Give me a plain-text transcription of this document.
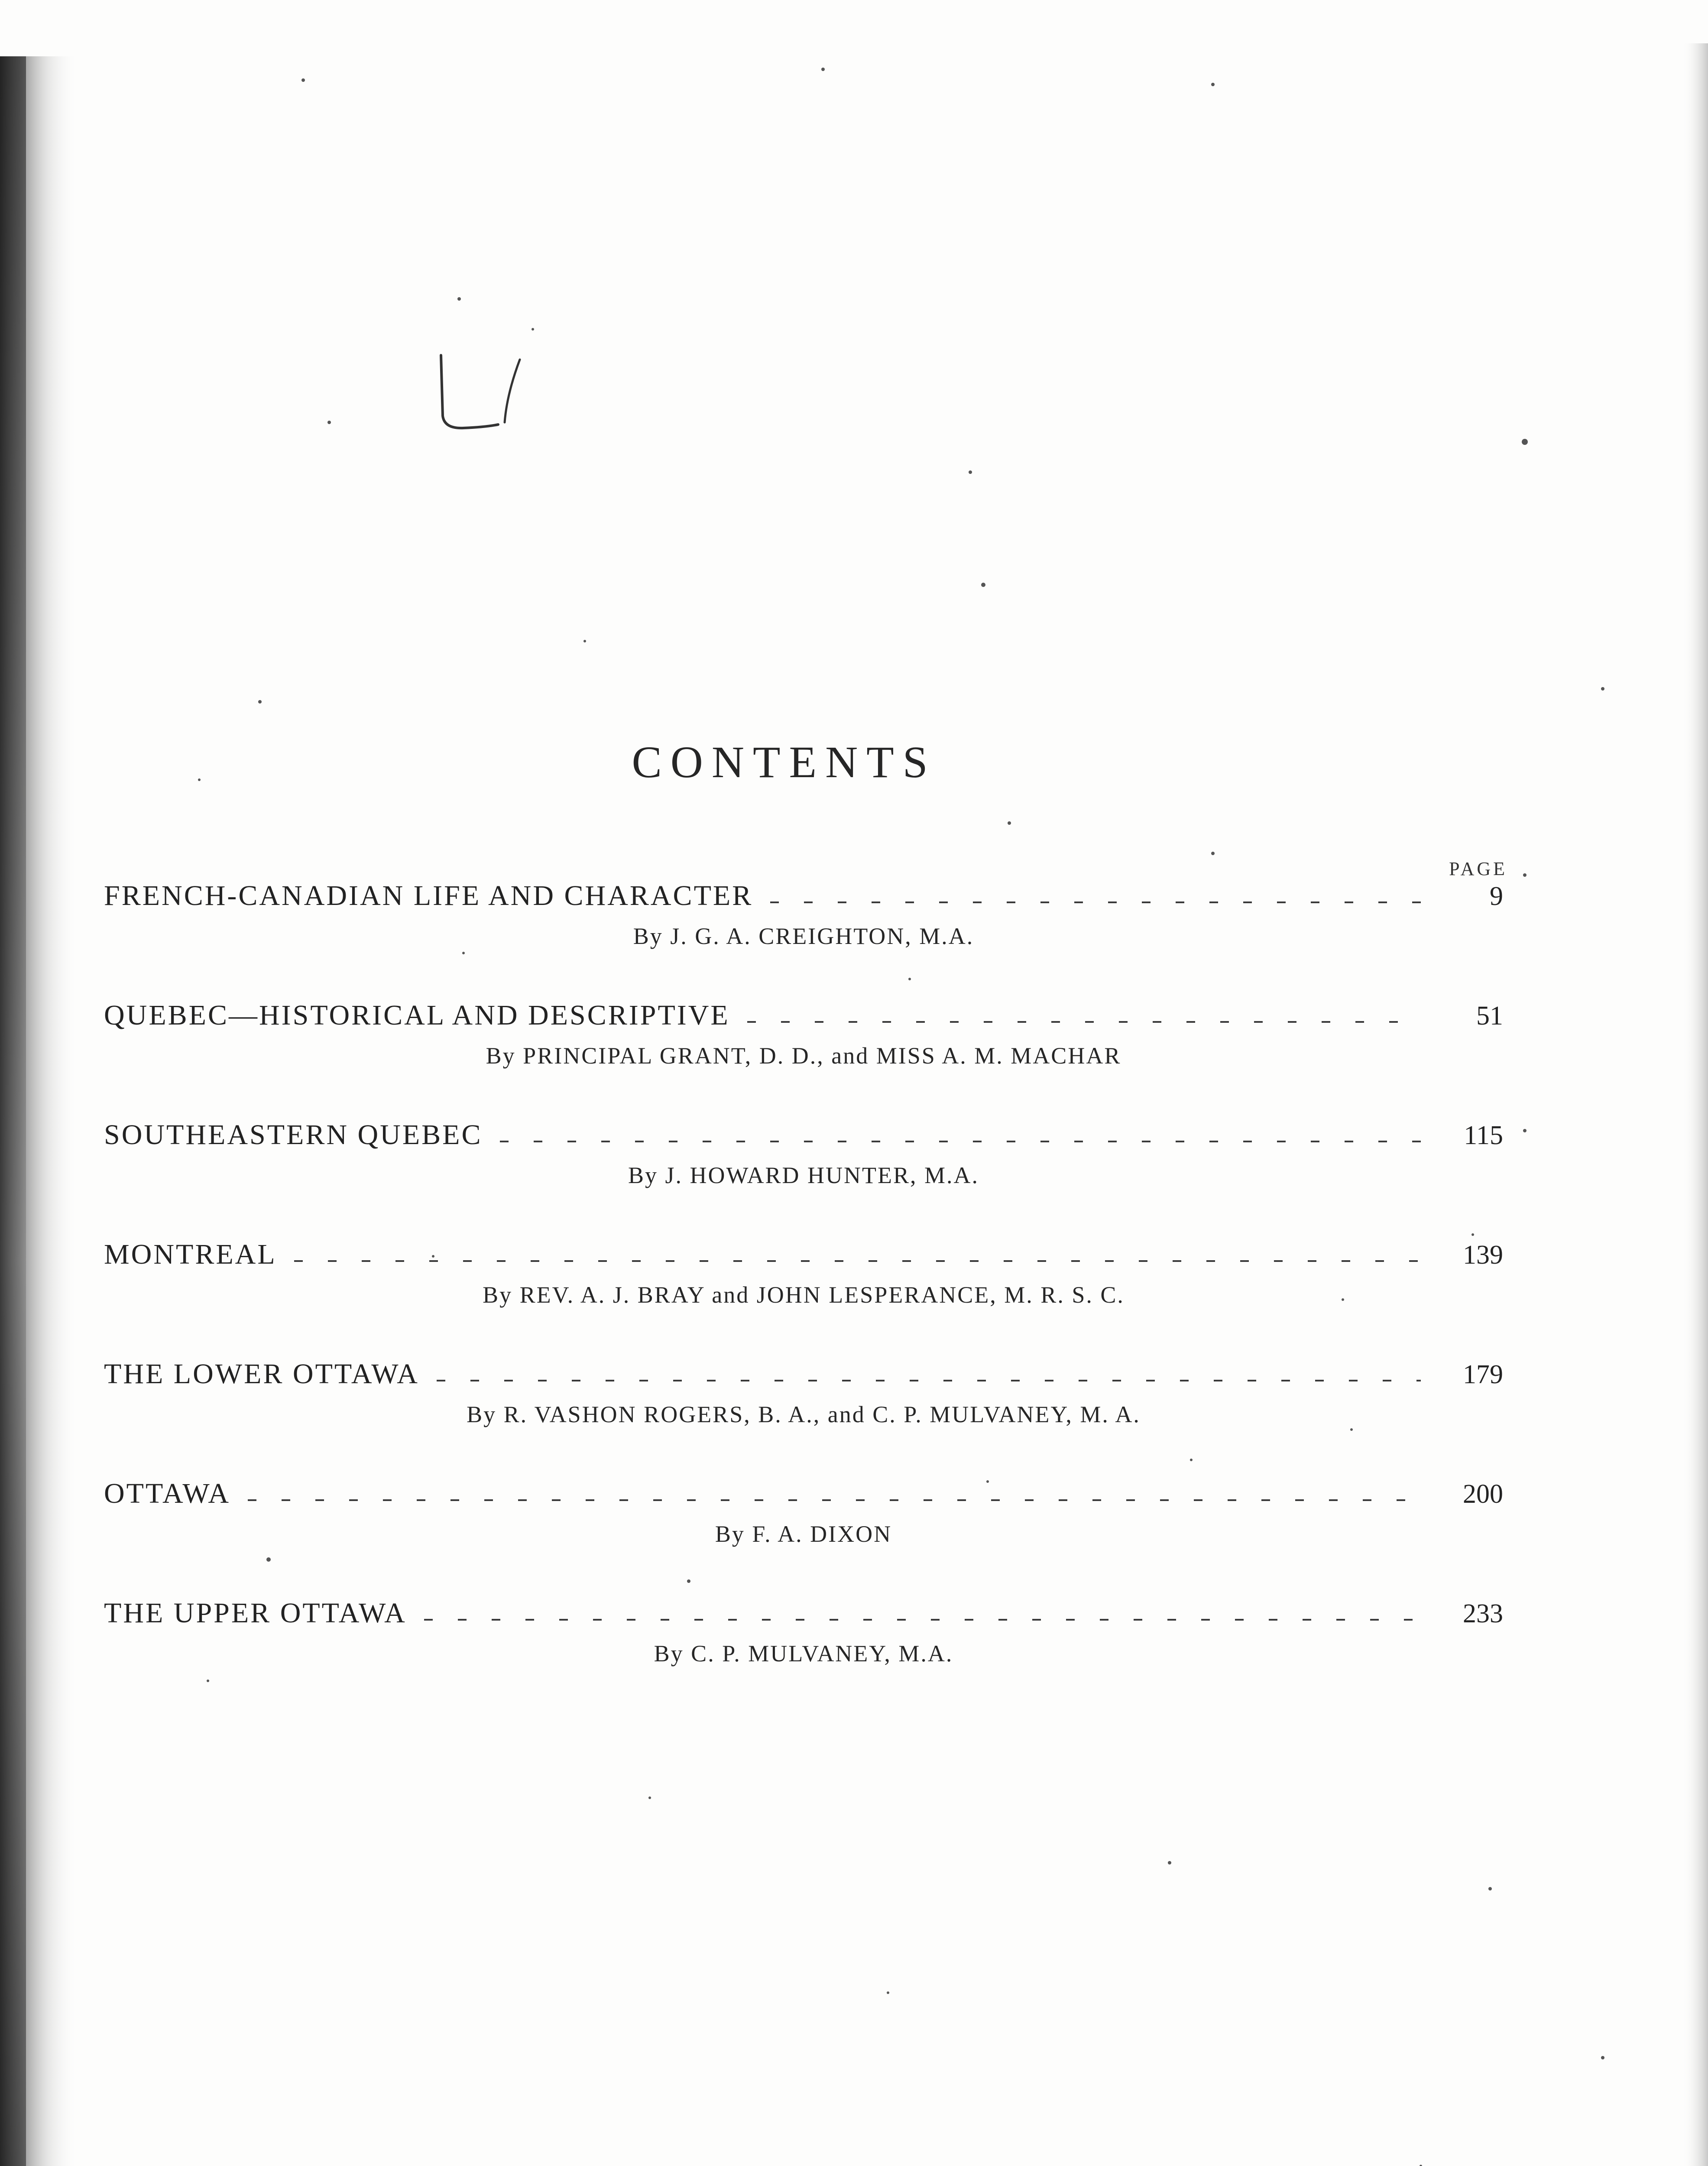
CONTENTS
PAGE
FRENCH-CANADIAN LIFE AND CHARACTER	9
By J. G. A. CREIGHTON, M.A.
QUEBEC—HISTORICAL AND DESCRIPTIVE	51
By PRINCIPAL GRANT, D. D., and MISS A. M. MACHAR
SOUTHEASTERN QUEBEC	115
By J. HOWARD HUNTER, M.A.
MONTREAL	139
By REV. A. J. BRAY and JOHN LESPERANCE, M. R. S. C.
THE LOWER OTTAWA	179
By R. VASHON ROGERS, B. A., and C. P. MULVANEY, M. A.
OTTAWA	200
By F. A. DIXON
THE UPPER OTTAWA	233
By C. P. MULVANEY, M.A.
